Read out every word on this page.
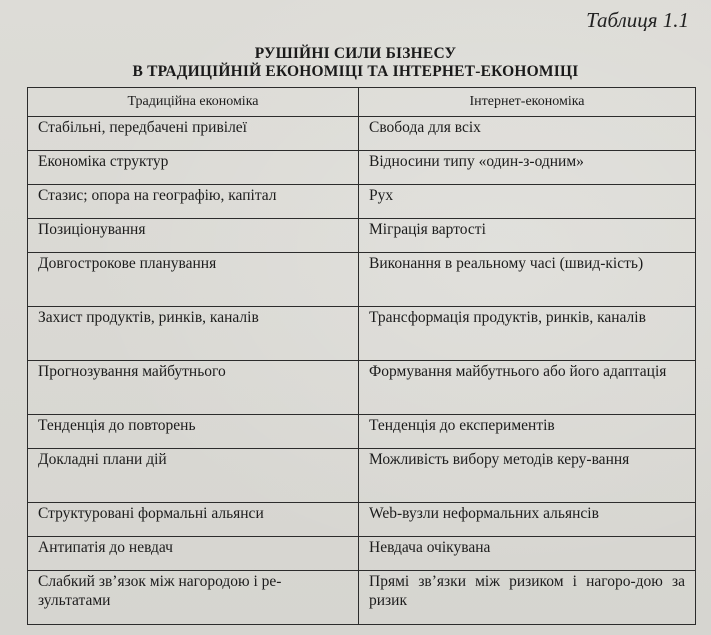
Таблиця 1.1
РУШІЙНІ СИЛИ БІЗНЕСУ
В ТРАДИЦІЙНІЙ ЕКОНОМІЦІ ТА ІНТЕРНЕТ-ЕКОНОМІЦІ
Традиційна економіка	Інтернет-економіка
Стабільні, передбачені привілеї	Свобода для всіх
Економіка структур	Відносини типу «один-з-одним»
Стазис; опора на географію, капітал	Рух
Позиціонування	Міграція вартості
Довгострокове планування	Виконання в реальному часі (швид-кість)
Захист продуктів, ринків, каналів	Трансформація продуктів, ринків, каналів
Прогнозування майбутнього	Формування майбутнього або його адаптація
Тенденція до повторень	Тенденція до експериментів
Докладні плани дій	Можливість вибору методів керу-вання
Структуровані формальні альянси	Web-вузли неформальних альянсів
Антипатія до невдач	Невдача очікувана
Слабкий зв’язок між нагородою і ре-зультатами	Прямі зв’язки між ризиком і нагоро-дою за ризик
